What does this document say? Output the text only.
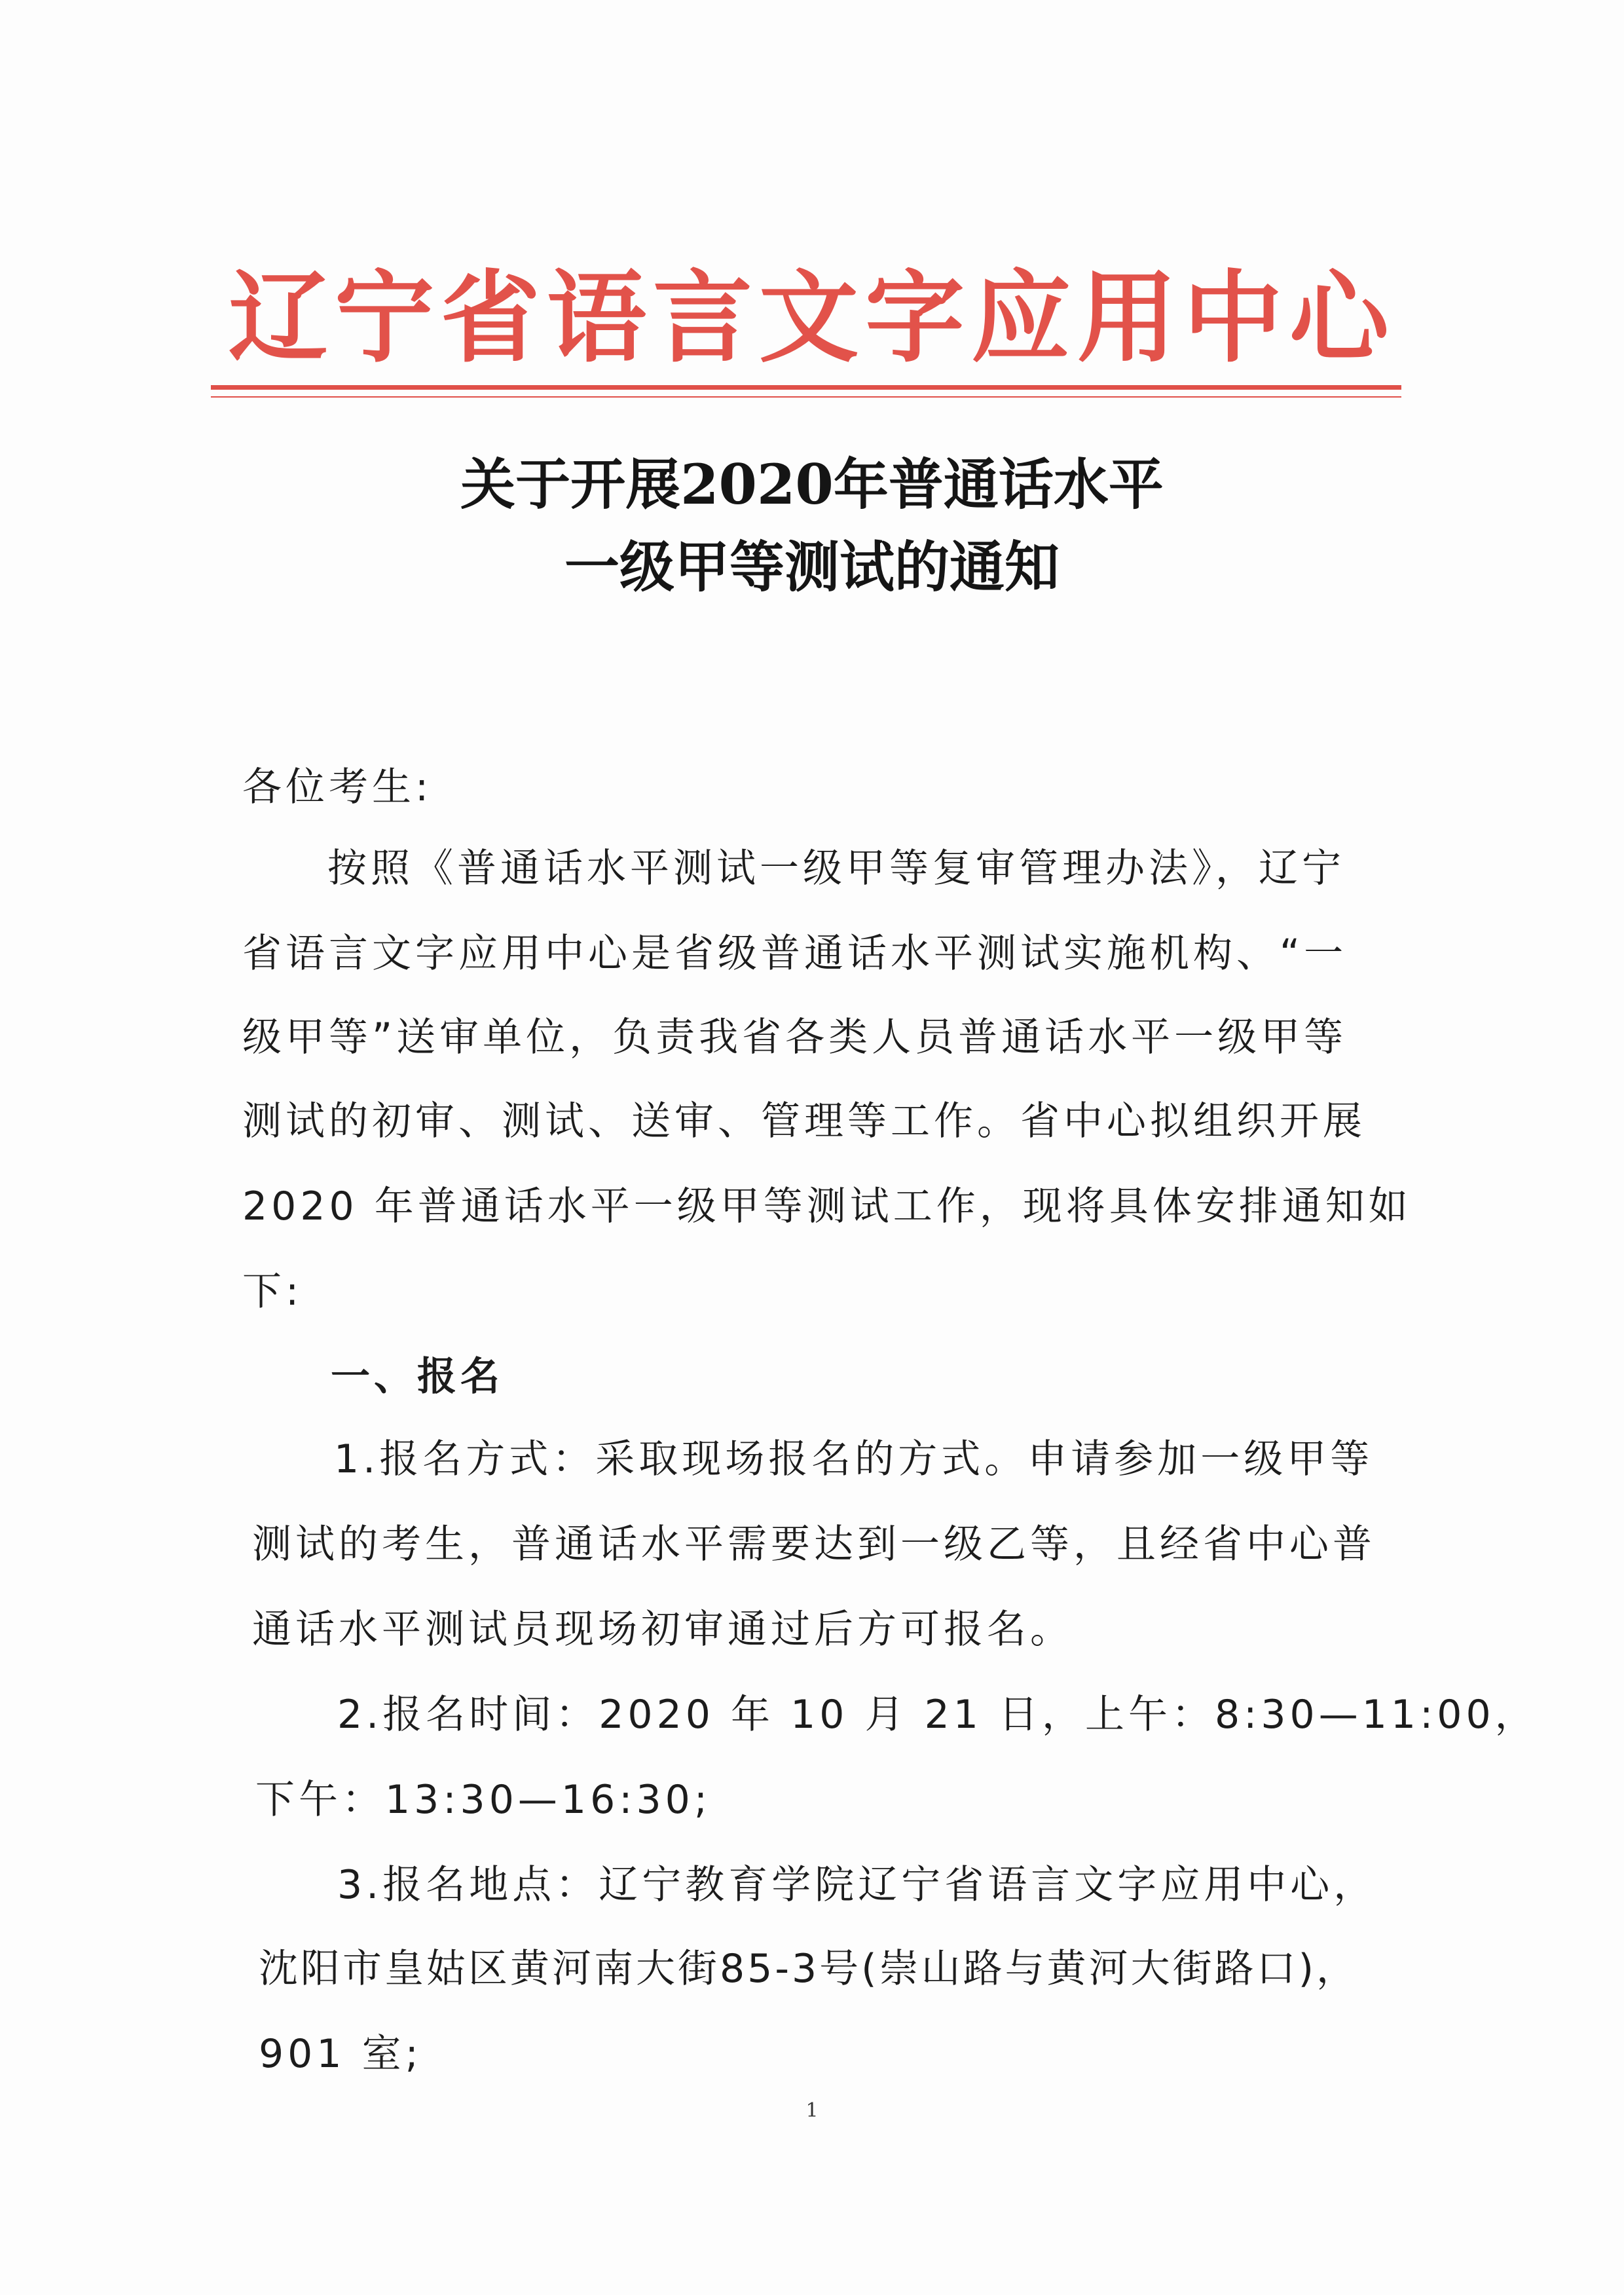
辽宁省语言文字应用中心
关于开展2020年普通话水平
一级甲等测试的通知
各位考生:
按照《普通话水平测试一级甲等复审管理办法》，辽宁
省语言文字应用中心是省级普通话水平测试实施机构、“一
级甲等”送审单位，负责我省各类人员普通话水平一级甲等
测试的初审、测试、送审、管理等工作。省中心拟组织开展
2020 年普通话水平一级甲等测试工作，现将具体安排通知如
下:
一、报名
1.报名方式：采取现场报名的方式。申请参加一级甲等
测试的考生，普通话水平需要达到一级乙等，且经省中心普
通话水平测试员现场初审通过后方可报名。
2.报名时间：2020 年 10 月 21 日，上午：8:30—11:00，
下午：13:30—16:30;
3.报名地点：辽宁教育学院辽宁省语言文字应用中心，
沈阳市皇姑区黄河南大街85-3号(崇山路与黄河大街路口)，
901 室;
1
